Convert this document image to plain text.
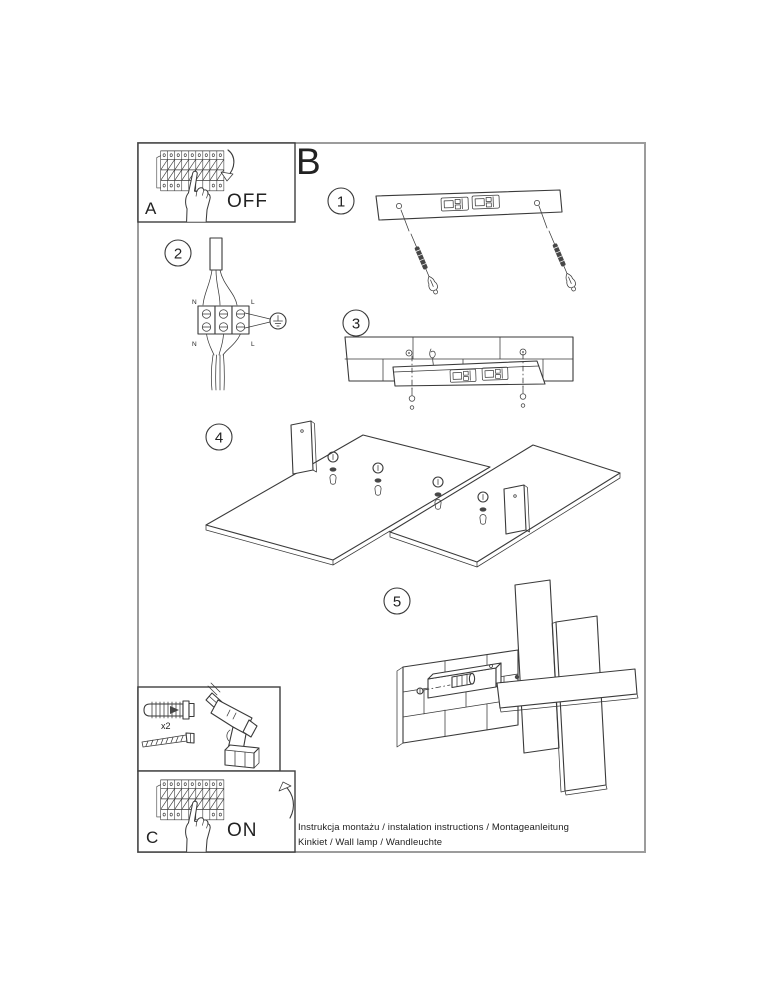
A	OFF
B
1
2
N	L
N	L
3
4
5
x2
C	ON	Instrukcja montażu / instalation instructions / Montageanleitung
Kinkiet / Wall lamp / Wandleuchte
